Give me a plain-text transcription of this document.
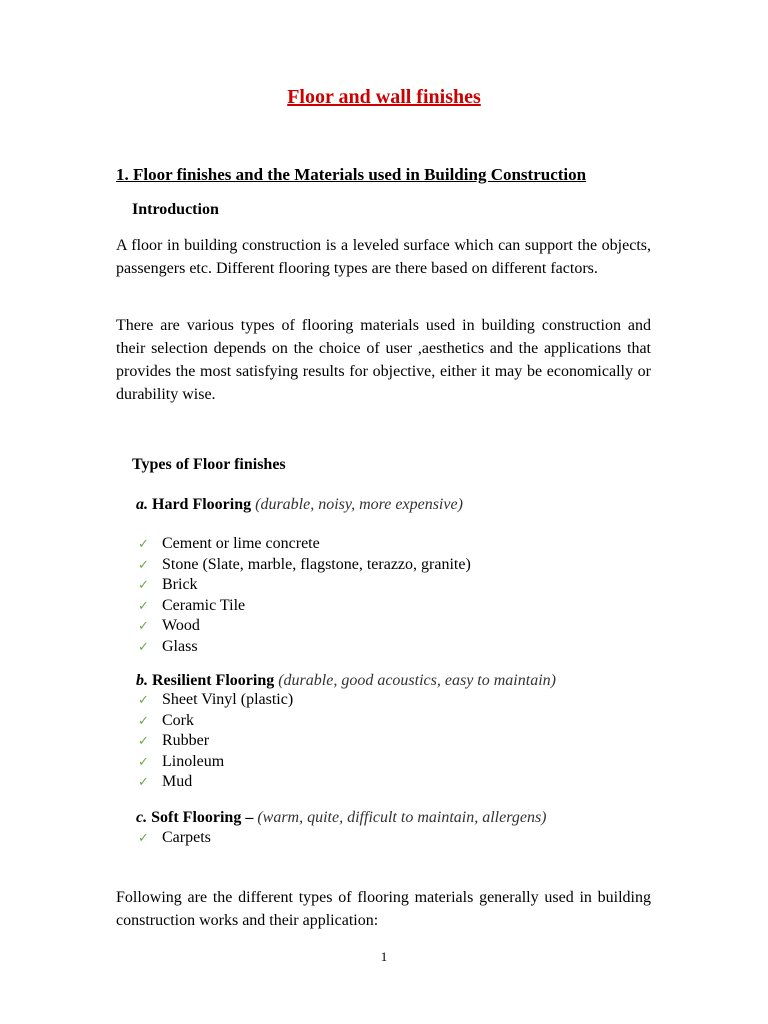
Floor and wall finishes
1. Floor finishes and the Materials used in Building Construction
Introduction
A floor in building construction is a leveled surface which can support the objects, passengers etc. Different flooring types are there based on different factors.
There are various types of flooring materials used in building construction and their selection depends on the choice of user ,aesthetics and the applications that provides the most satisfying results for objective, either it may be economically or durability wise.
Types of Floor finishes
a. Hard Flooring (durable, noisy, more expensive)
✓ Cement or lime concrete
✓ Stone (Slate, marble, flagstone, terazzo, granite)
✓ Brick
✓ Ceramic Tile
✓ Wood
✓ Glass
b. Resilient Flooring (durable, good acoustics, easy to maintain)
✓ Sheet Vinyl (plastic)
✓ Cork
✓ Rubber
✓ Linoleum
✓ Mud
c. Soft Flooring – (warm, quite, difficult to maintain, allergens)
✓ Carpets
Following are the different types of flooring materials generally used in building construction works and their application:
1
